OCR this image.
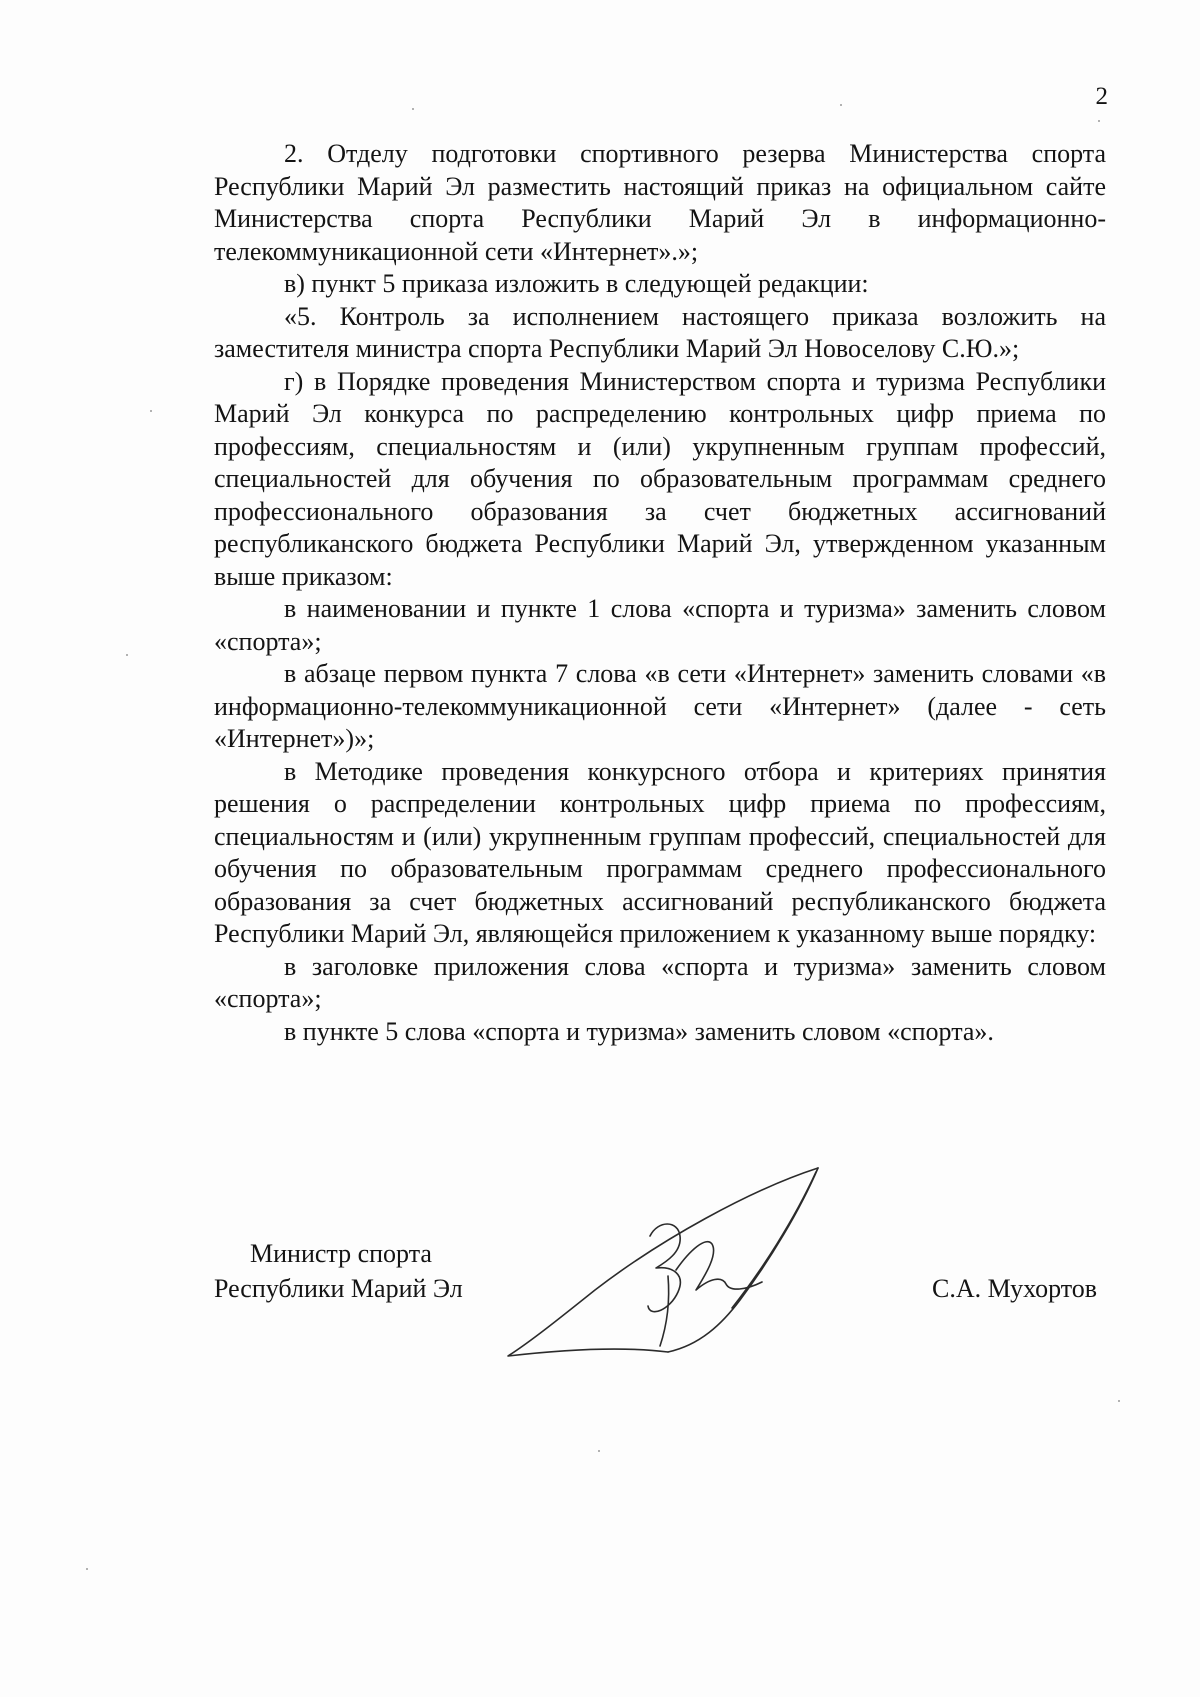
2

2. Отделу подготовки спортивного резерва Министерства спорта Республики Марий Эл разместить настоящий приказ на официальном сайте Министерства спорта Республики Марий Эл в информационно-телекоммуникационной сети «Интернет».»;

в) пункт 5 приказа изложить в следующей редакции:

«5. Контроль за исполнением настоящего приказа возложить на заместителя министра спорта Республики Марий Эл Новоселову С.Ю.»;

г) в Порядке проведения Министерством спорта и туризма Республики Марий Эл конкурса по распределению контрольных цифр приема по профессиям, специальностям и (или) укрупненным группам профессий, специальностей для обучения по образовательным программам среднего профессионального образования за счет бюджетных ассигнований республиканского бюджета Республики Марий Эл, утвержденном указанным выше приказом:

в наименовании и пункте 1 слова «спорта и туризма» заменить словом «спорта»;

в абзаце первом пункта 7 слова «в сети «Интернет» заменить словами «в информационно-телекоммуникационной сети «Интернет» (далее - сеть «Интернет»)»;

в Методике проведения конкурсного отбора и критериях принятия решения о распределении контрольных цифр приема по профессиям, специальностям и (или) укрупненным группам профессий, специальностей для обучения по образовательным программам среднего профессионального образования за счет бюджетных ассигнований республиканского бюджета Республики Марий Эл, являющейся приложением к указанному выше порядку:

в заголовке приложения слова «спорта и туризма» заменить словом «спорта»;

в пункте 5 слова «спорта и туризма» заменить словом «спорта».

Министр спорта
Республики Марий Эл	С.А. Мухортов
